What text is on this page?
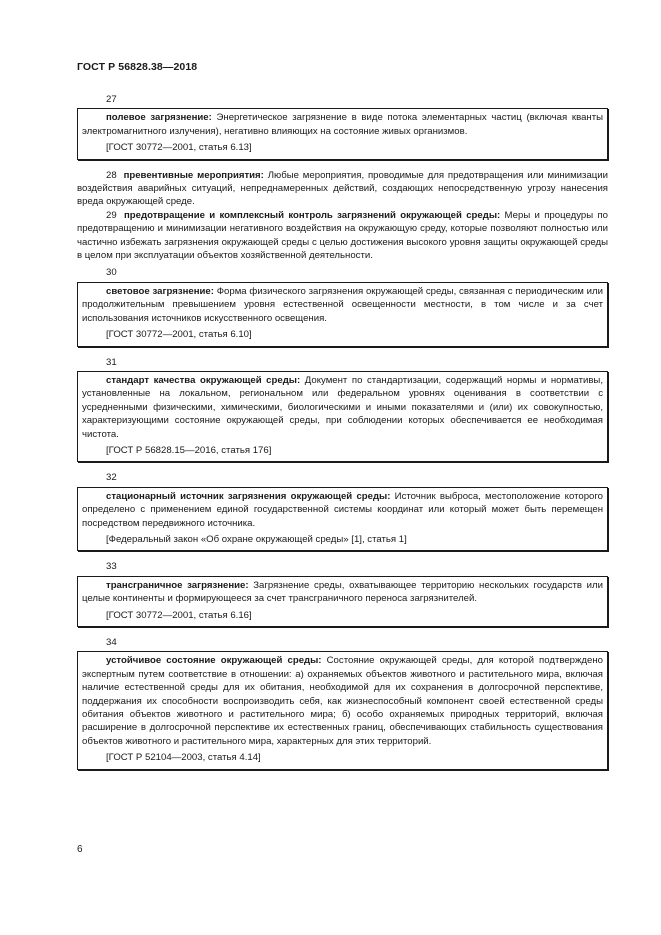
ГОСТ Р 56828.38—2018

27

полевое загрязнение: Энергетическое загрязнение в виде потока элементарных частиц (включая кванты электромагнитного излучения), негативно влияющих на состояние живых организмов.

[ГОСТ 30772—2001, статья 6.13]

28 превентивные мероприятия: Любые мероприятия, проводимые для предотвращения или минимизации воздействия аварийных ситуаций, непреднамеренных действий, создающих непосредственную угрозу нанесения вреда окружающей среде.

29 предотвращение и комплексный контроль загрязнений окружающей среды: Меры и процедуры по предотвращению и минимизации негативного воздействия на окружающую среду, которые позволяют полностью или частично избежать загрязнения окружающей среды с целью достижения высокого уровня защиты окружающей среды в целом при эксплуатации объектов хозяйственной деятельности.

30

световое загрязнение: Форма физического загрязнения окружающей среды, связанная с периодическим или продолжительным превышением уровня естественной освещенности местности, в том числе и за счет использования источников искусственного освещения.

[ГОСТ 30772—2001, статья 6.10]

31

стандарт качества окружающей среды: Документ по стандартизации, содержащий нормы и нормативы, установленные на локальном, региональном или федеральном уровнях оценивания в соответствии с усредненными физическими, химическими, биологическими и иными показателями и (или) их совокупностью, характеризующими состояние окружающей среды, при соблюдении которых обеспечивается ее необходимая чистота.

[ГОСТ Р 56828.15—2016, статья 176]

32

стационарный источник загрязнения окружающей среды: Источник выброса, местоположение которого определено с применением единой государственной системы координат или который может быть перемещен посредством передвижного источника.

[Федеральный закон «Об охране окружающей среды» [1], статья 1]

33

трансграничное загрязнение: Загрязнение среды, охватывающее территорию нескольких государств или целые континенты и формирующееся за счет трансграничного переноса загрязнителей.

[ГОСТ 30772—2001, статья 6.16]

34

устойчивое состояние окружающей среды: Состояние окружающей среды, для которой подтверждено экспертным путем соответствие в отношении: а) охраняемых объектов животного и растительного мира, включая наличие естественной среды для их обитания, необходимой для их сохранения в долгосрочной перспективе, поддержания их способности воспроизводить себя, как жизнеспособный компонент своей естественной среды обитания объектов животного и растительного мира; б) особо охраняемых природных территорий, включая расширение в долгосрочной перспективе их естественных границ, обеспечивающих стабильность существования объектов животного и растительного мира, характерных для этих территорий.

[ГОСТ Р 52104—2003, статья 4.14]

6
